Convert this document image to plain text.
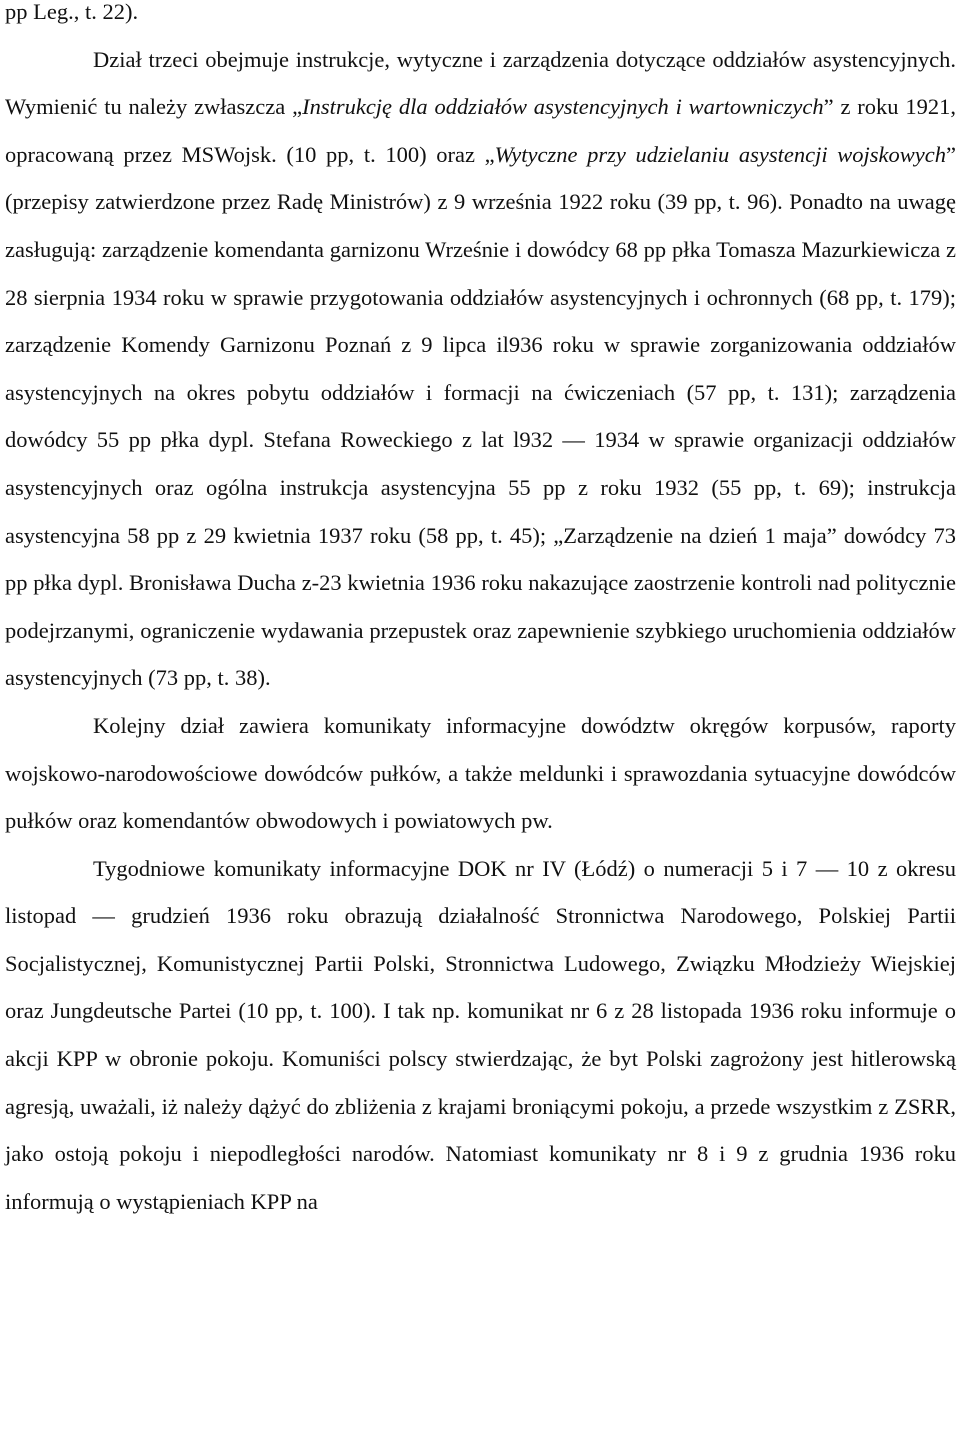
pp Leg., t. 22).

Dział trzeci obejmuje instrukcje, wytyczne i zarządzenia dotyczące oddziałów asystencyjnych. Wymienić tu należy zwłaszcza „Instrukcję dla oddziałów asystencyjnych i wartowniczych” z roku 1921, opracowaną przez MSWojsk. (10 pp, t. 100) oraz „Wytyczne przy udzielaniu asystencji wojskowych” (przepisy zatwierdzone przez Radę Ministrów) z 9 września 1922 roku (39 pp, t. 96). Ponadto na uwagę zasługują: zarządzenie komendanta garnizonu Wrześnie i dowódcy 68 pp płka Tomasza Mazurkiewicza z 28 sierpnia 1934 roku w sprawie przygotowania oddziałów asystencyjnych i ochronnych (68 pp, t. 179); zarządzenie Komendy Garnizonu Poznań z 9 lipca il936 roku w sprawie zorganizowania oddziałów asystencyjnych na okres pobytu oddziałów i formacji na ćwiczeniach (57 pp, t. 131); zarządzenia dowódcy 55 pp płka dypl. Stefana Roweckiego z lat l932 — 1934 w sprawie organizacji oddziałów asystencyjnych oraz ogólna instrukcja asystencyjna 55 pp z roku 1932 (55 pp, t. 69); instrukcja asystencyjna 58 pp z 29 kwietnia 1937 roku (58 pp, t. 45); „Zarządzenie na dzień 1 maja” dowódcy 73 pp płka dypl. Bronisława Ducha z-23 kwietnia 1936 roku nakazujące zaostrzenie kontroli nad politycznie podejrzanymi, ograniczenie wydawania przepustek oraz zapewnienie szybkiego uruchomienia oddziałów asystencyjnych (73 pp, t. 38).

Kolejny dział zawiera komunikaty informacyjne dowództw okręgów korpusów, raporty wojskowo-narodowościowe dowódców pułków, a także meldunki i sprawozdania sytuacyjne dowódców pułków oraz komendantów obwodowych i powiatowych pw.

Tygodniowe komunikaty informacyjne DOK nr IV (Łódź) o numeracji 5 i 7 — 10 z okresu listopad — grudzień 1936 roku obrazują działalność Stronnictwa Narodowego, Polskiej Partii Socjalistycznej, Komunistycznej Partii Polski, Stronnictwa Ludowego, Związku Młodzieży Wiejskiej oraz Jungdeutsche Partei (10 pp, t. 100). I tak np. komunikat nr 6 z 28 listopada 1936 roku informuje o akcji KPP w obronie pokoju. Komuniści polscy stwierdzając, że byt Polski zagrożony jest hitlerowską agresją, uważali, iż należy dążyć do zbliżenia z krajami broniącymi pokoju, a przede wszystkim z ZSRR, jako ostoją pokoju i niepodległości narodów. Natomiast komunikaty nr 8 i 9 z grudnia 1936 roku informują o wystąpieniach KPP na
